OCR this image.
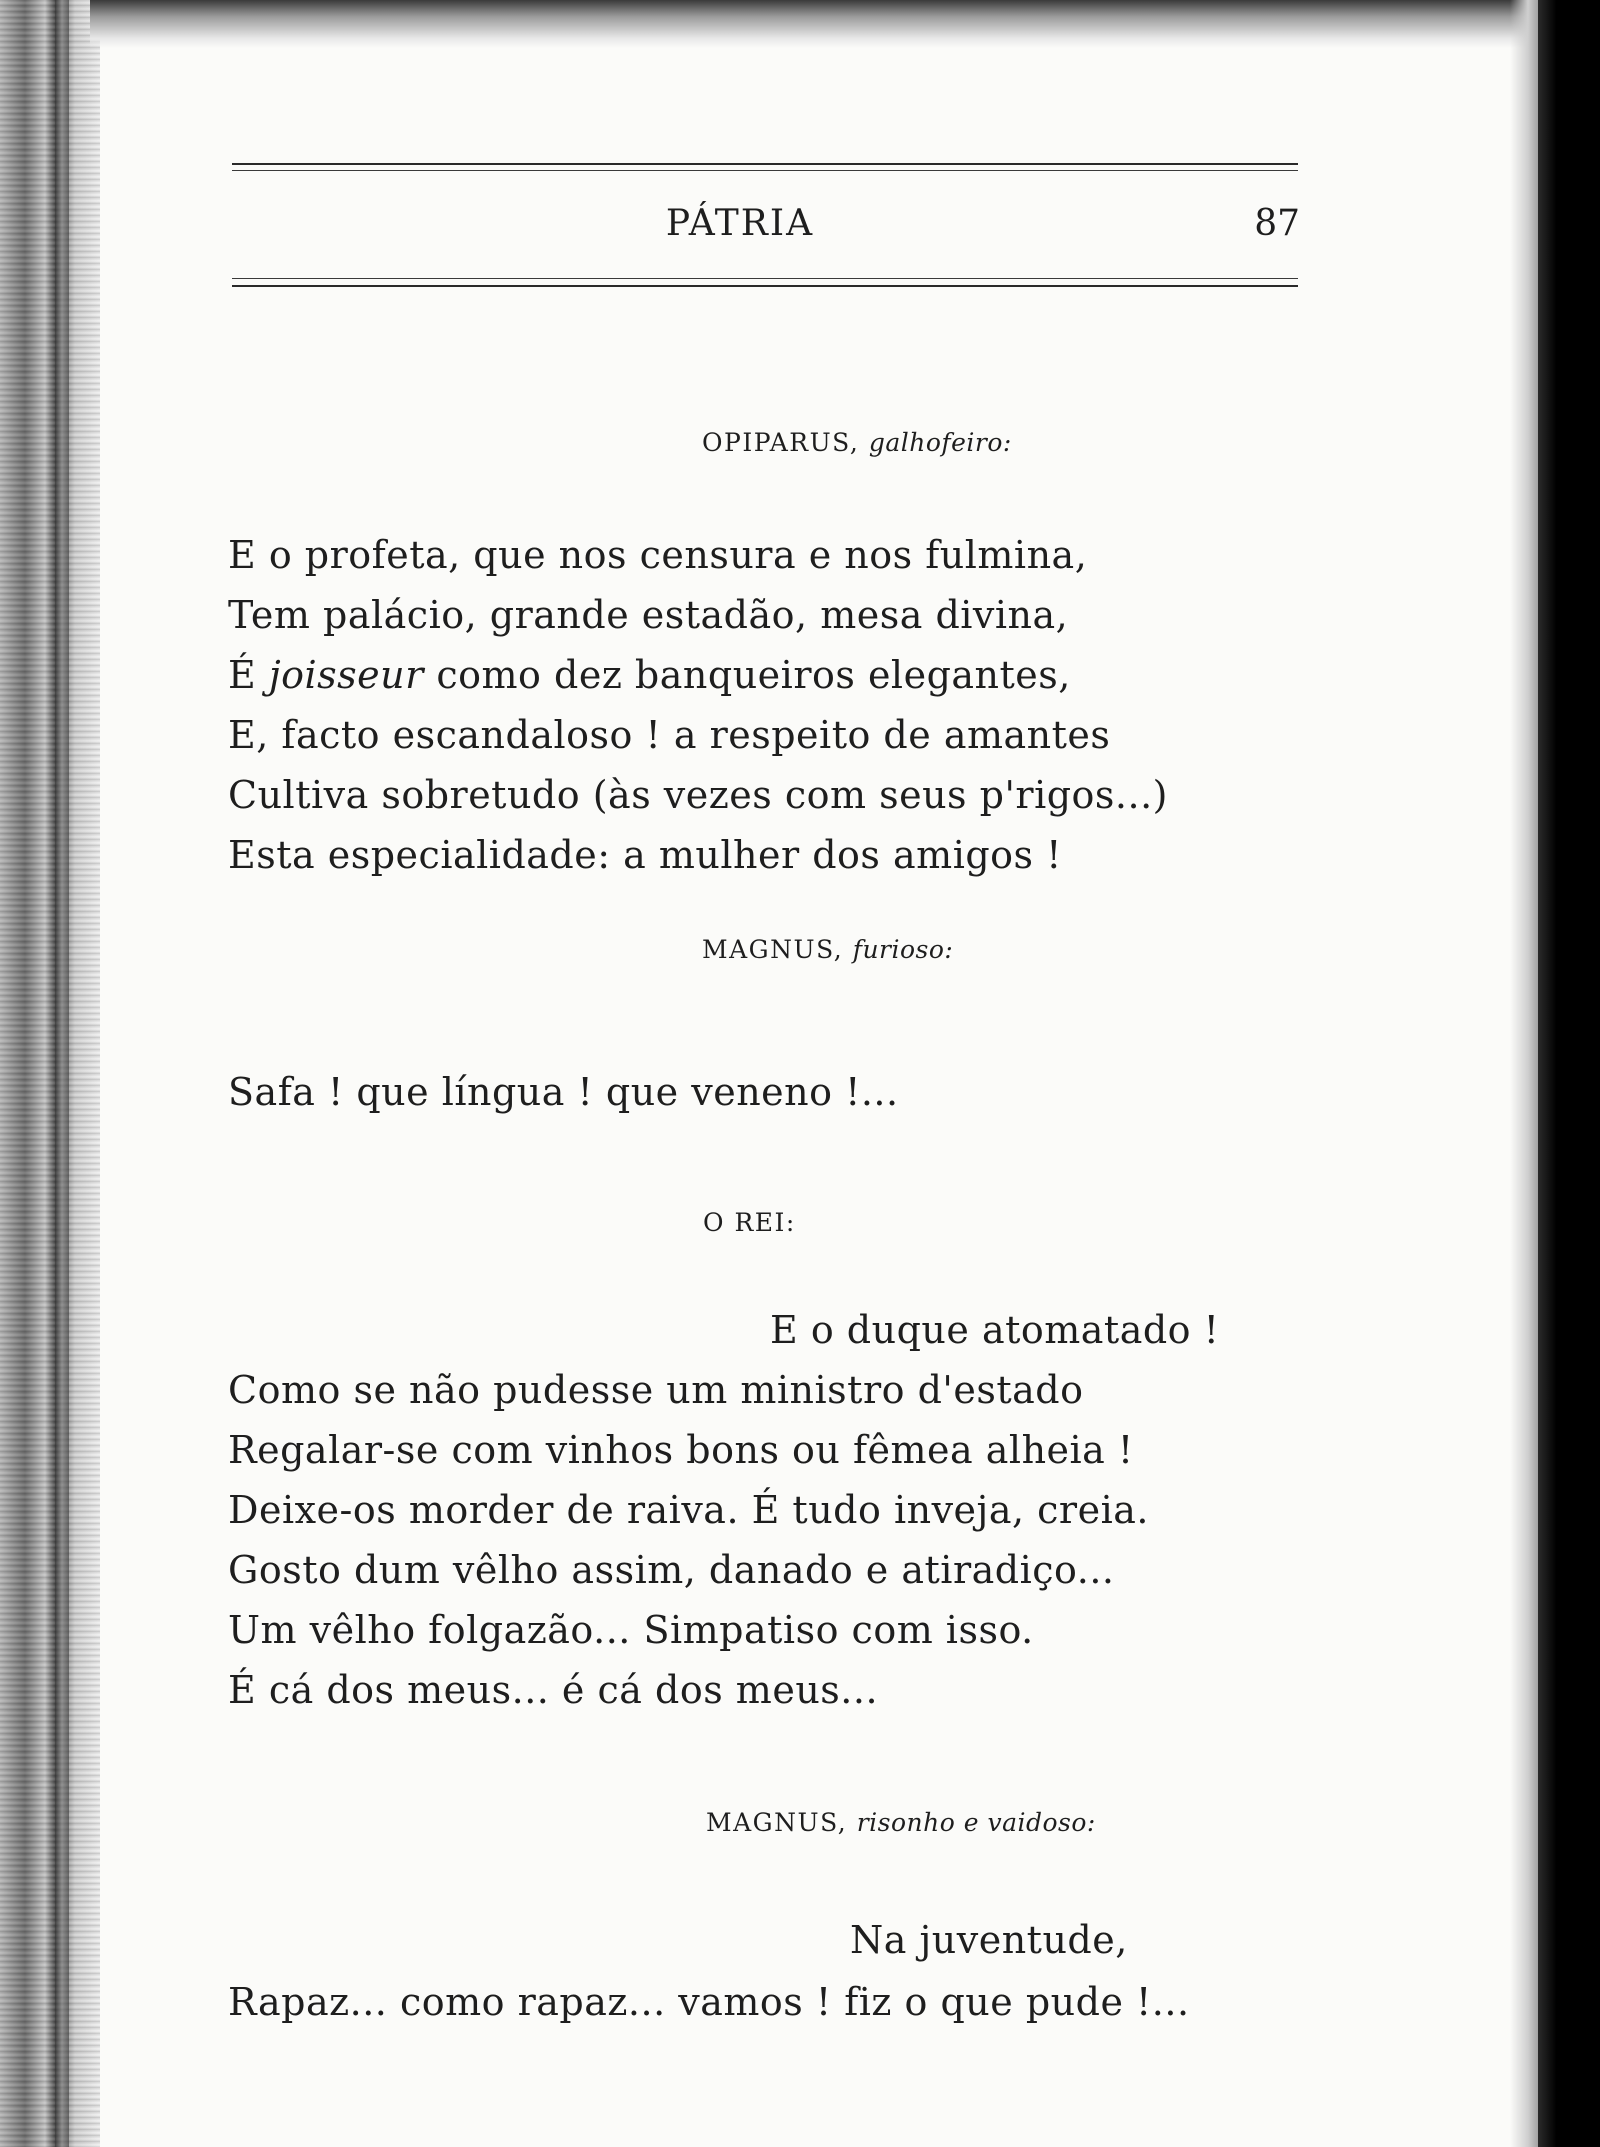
PÁTRIA	87
OPIPARUS, galhofeiro:
E o profeta, que nos censura e nos fulmina,
Tem palácio, grande estadão, mesa divina,
É joisseur como dez banqueiros elegantes,
E, facto escandaloso ! a respeito de amantes
Cultiva sobretudo (às vezes com seus p'rigos...)
Esta especialidade: a mulher dos amigos !
MAGNUS, furioso:
Safa ! que língua ! que veneno !...
O REI:
E o duque atomatado !
Como se não pudesse um ministro d'estado
Regalar-se com vinhos bons ou fêmea alheia !
Deixe-os morder de raiva. É tudo inveja, creia.
Gosto dum vêlho assim, danado e atiradiço...
Um vêlho folgazão... Simpatiso com isso.
É cá dos meus... é cá dos meus...
MAGNUS, risonho e vaidoso:
Na juventude,
Rapaz... como rapaz... vamos ! fiz o que pude !...
